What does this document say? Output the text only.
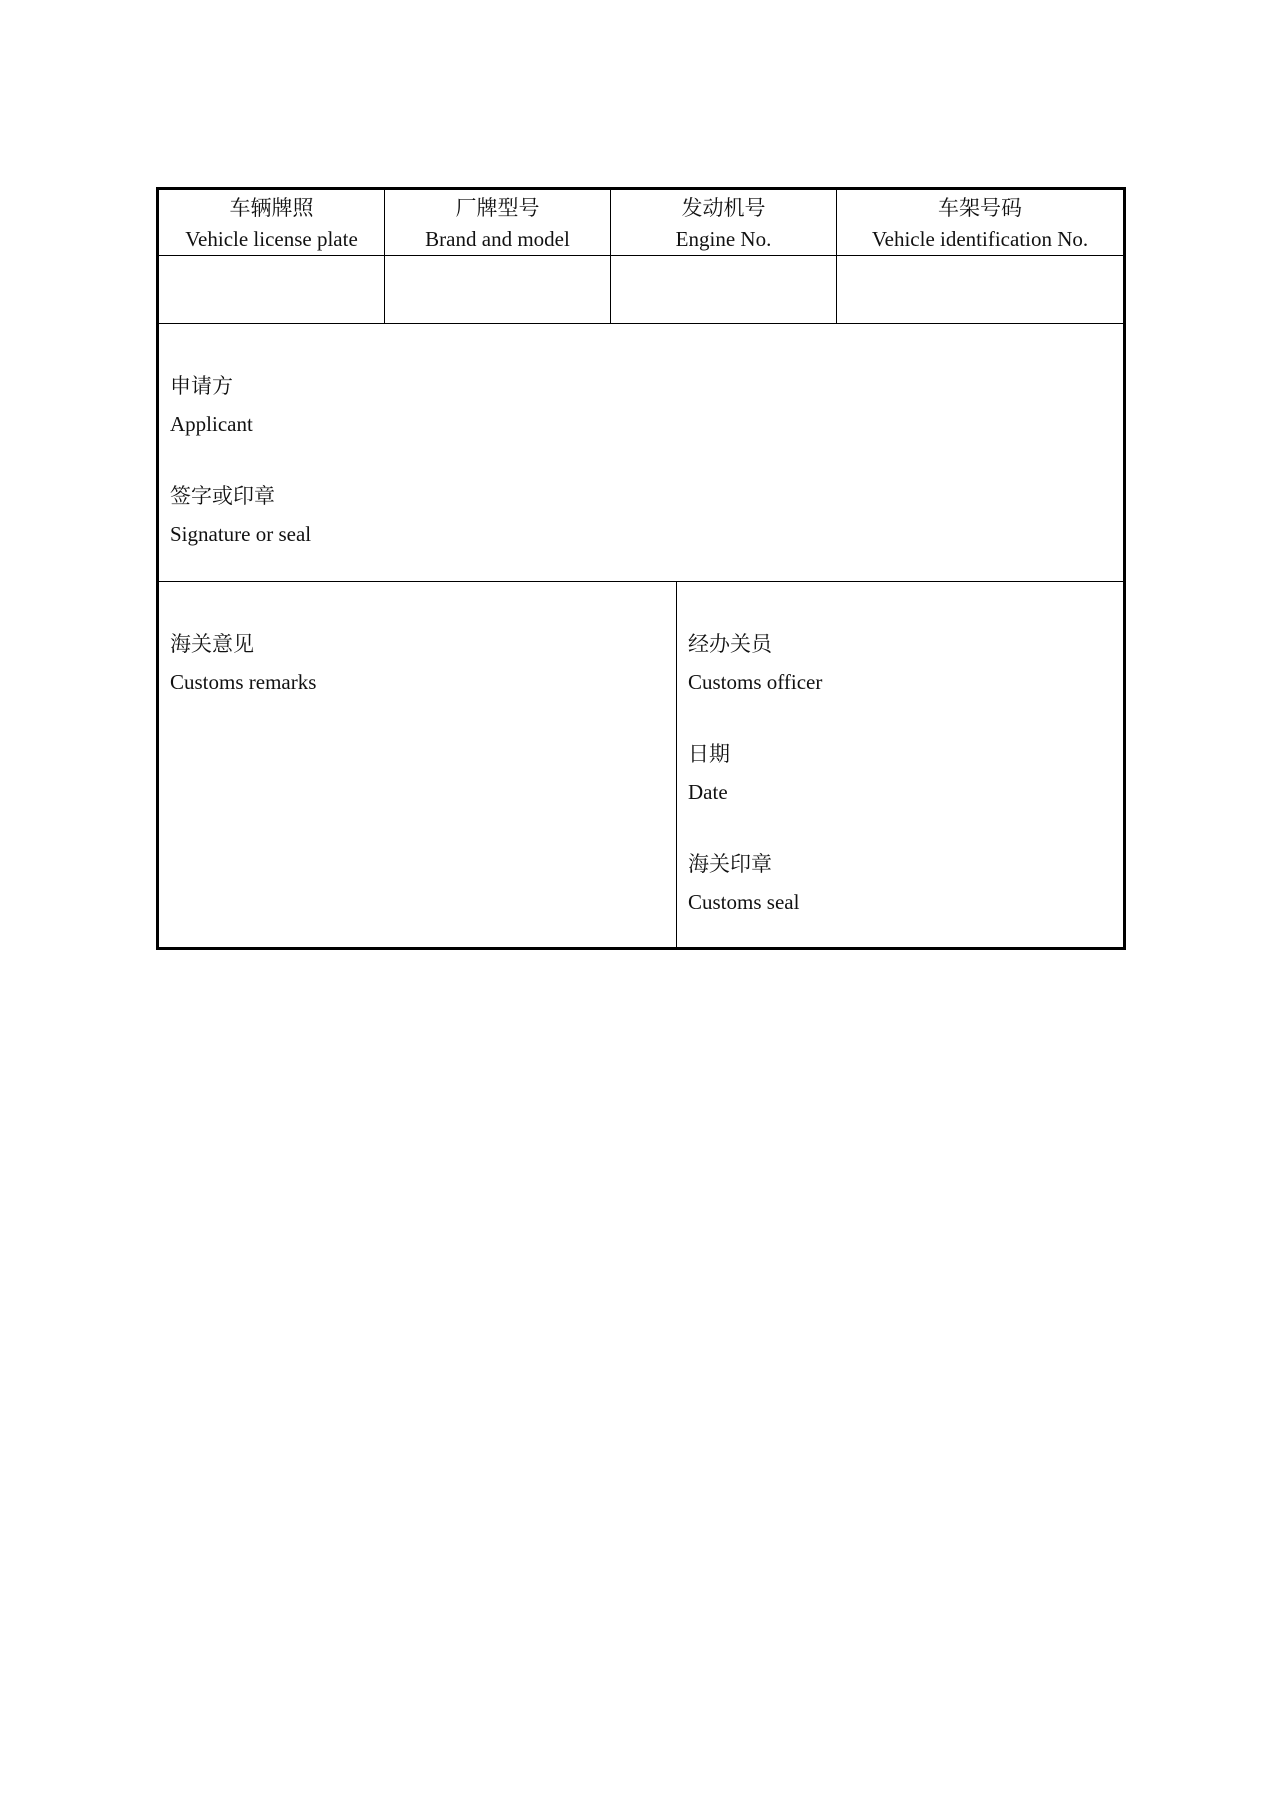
车辆牌照
Vehicle license plate
厂牌型号
Brand and model
发动机号
Engine No.
车架号码
Vehicle identification No.
申请方
Applicant
签字或印章
Signature or seal
海关意见
Customs remarks
经办关员
Customs officer
日期
Date
海关印章
Customs seal
